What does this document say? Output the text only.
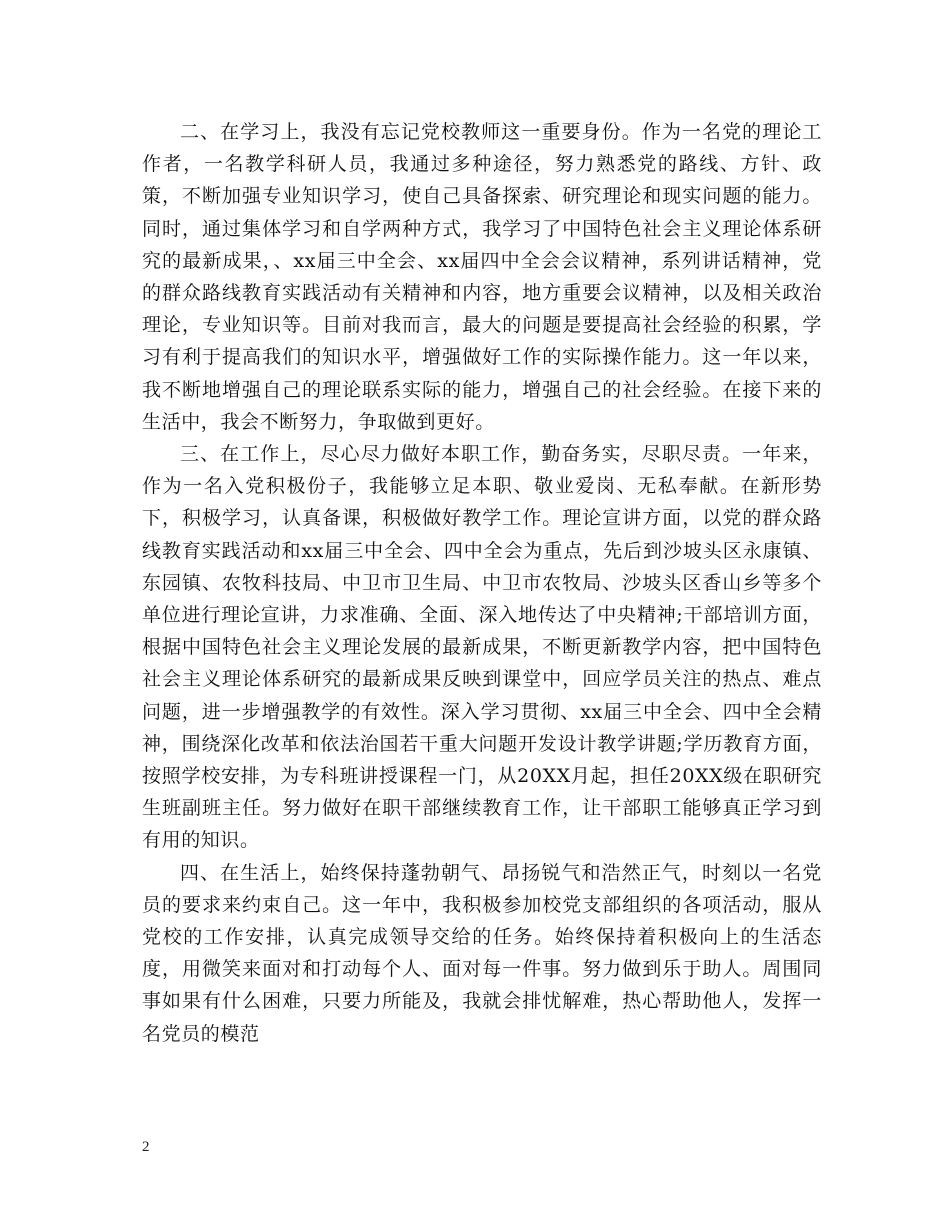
二、在学习上，我没有忘记党校教师这一重要身份。作为一名党的理论工作者，一名教学科研人员，我通过多种途径，努力熟悉党的路线、方针、政策，不断加强专业知识学习，使自己具备探索、研究理论和现实问题的能力。同时，通过集体学习和自学两种方式，我学习了中国特色社会主义理论体系研究的最新成果，、xx届三中全会、xx届四中全会会议精神，系列讲话精神，党的群众路线教育实践活动有关精神和内容，地方重要会议精神，以及相关政治理论，专业知识等。目前对我而言，最大的问题是要提高社会经验的积累，学习有利于提高我们的知识水平，增强做好工作的实际操作能力。这一年以来，我不断地增强自己的理论联系实际的能力，增强自己的社会经验。在接下来的生活中，我会不断努力，争取做到更好。

三、在工作上，尽心尽力做好本职工作，勤奋务实，尽职尽责。一年来，作为一名入党积极份子，我能够立足本职、敬业爱岗、无私奉献。在新形势下，积极学习，认真备课，积极做好教学工作。理论宣讲方面，以党的群众路线教育实践活动和xx届三中全会、四中全会为重点，先后到沙坡头区永康镇、东园镇、农牧科技局、中卫市卫生局、中卫市农牧局、沙坡头区香山乡等多个单位进行理论宣讲，力求准确、全面、深入地传达了中央精神;干部培训方面，根据中国特色社会主义理论发展的最新成果，不断更新教学内容，把中国特色社会主义理论体系研究的最新成果反映到课堂中，回应学员关注的热点、难点问题，进一步增强教学的有效性。深入学习贯彻、xx届三中全会、四中全会精神，围绕深化改革和依法治国若干重大问题开发设计教学讲题;学历教育方面，按照学校安排，为专科班讲授课程一门，从20XX月起，担任20XX级在职研究生班副班主任。努力做好在职干部继续教育工作，让干部职工能够真正学习到有用的知识。

四、在生活上，始终保持蓬勃朝气、昂扬锐气和浩然正气，时刻以一名党员的要求来约束自己。这一年中，我积极参加校党支部组织的各项活动，服从党校的工作安排，认真完成领导交给的任务。始终保持着积极向上的生活态度，用微笑来面对和打动每个人、面对每一件事。努力做到乐于助人。周围同事如果有什么困难，只要力所能及，我就会排忧解难，热心帮助他人，发挥一名党员的模范

2
